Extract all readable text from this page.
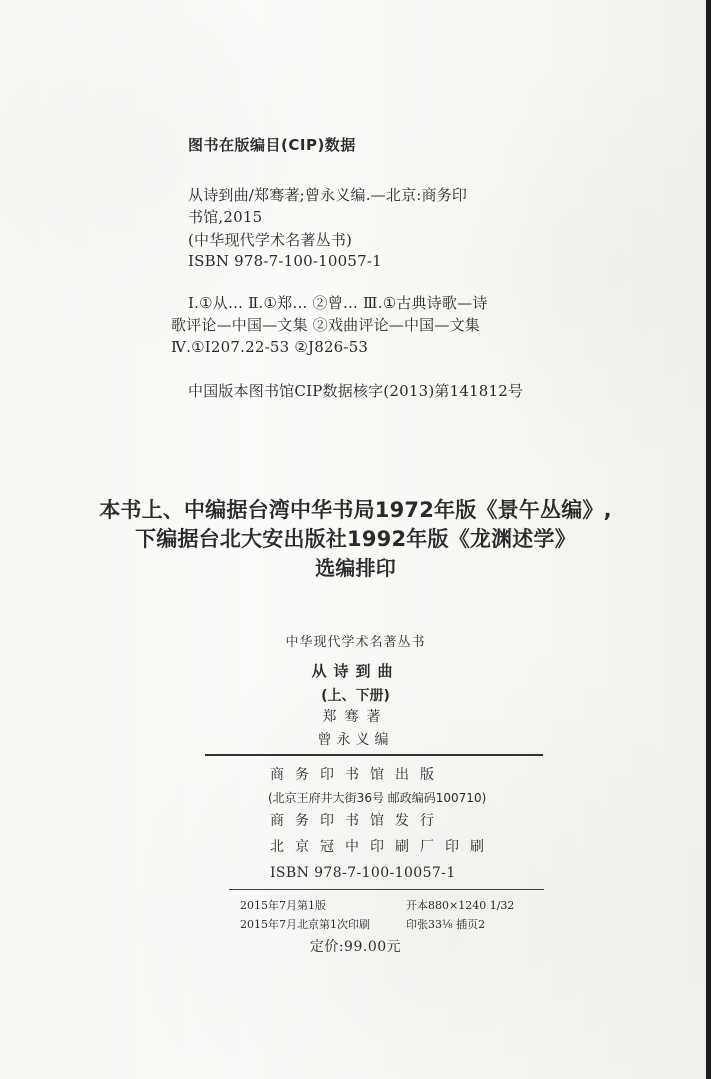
图书在版编目(CIP)数据
从诗到曲/郑骞著;曾永义编.—北京:商务印
书馆,2015
(中华现代学术名著丛书)
ISBN 978-7-100-10057-1
Ⅰ.①从… Ⅱ.①郑… ②曾… Ⅲ.①古典诗歌—诗
歌评论—中国—文集 ②戏曲评论—中国—文集
Ⅳ.①I207.22-53 ②J826-53
中国版本图书馆CIP数据核字(2013)第141812号
本书上、中编据台湾中华书局1972年版《景午丛编》,
下编据台北大安出版社1992年版《龙渊述学》
选编排印
中华现代学术名著丛书
从诗到曲
(上、下册)
郑骞著
曾永义编
商务印书馆出版
(北京王府井大街36号 邮政编码100710)
商务印书馆发行
北京冠中印刷厂印刷
ISBN 978-7-100-10057-1
2015年7月第1版	开本880×1240 1/32
2015年7月北京第1次印刷	印张33⅛ 插页2
定价:99.00元
